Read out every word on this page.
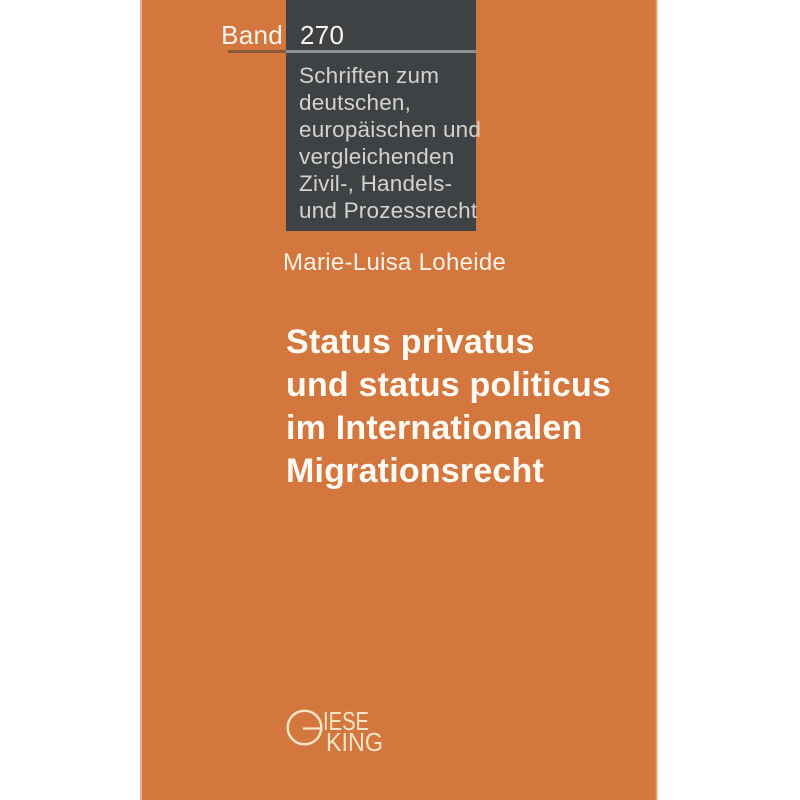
Band 270
Schriften zum
deutschen,
europäischen und
vergleichenden
Zivil-, Handels-
und Prozessrecht
Marie-Luisa Loheide
Status privatus
und status politicus
im Internationalen
Migrationsrecht
IESE
KING
